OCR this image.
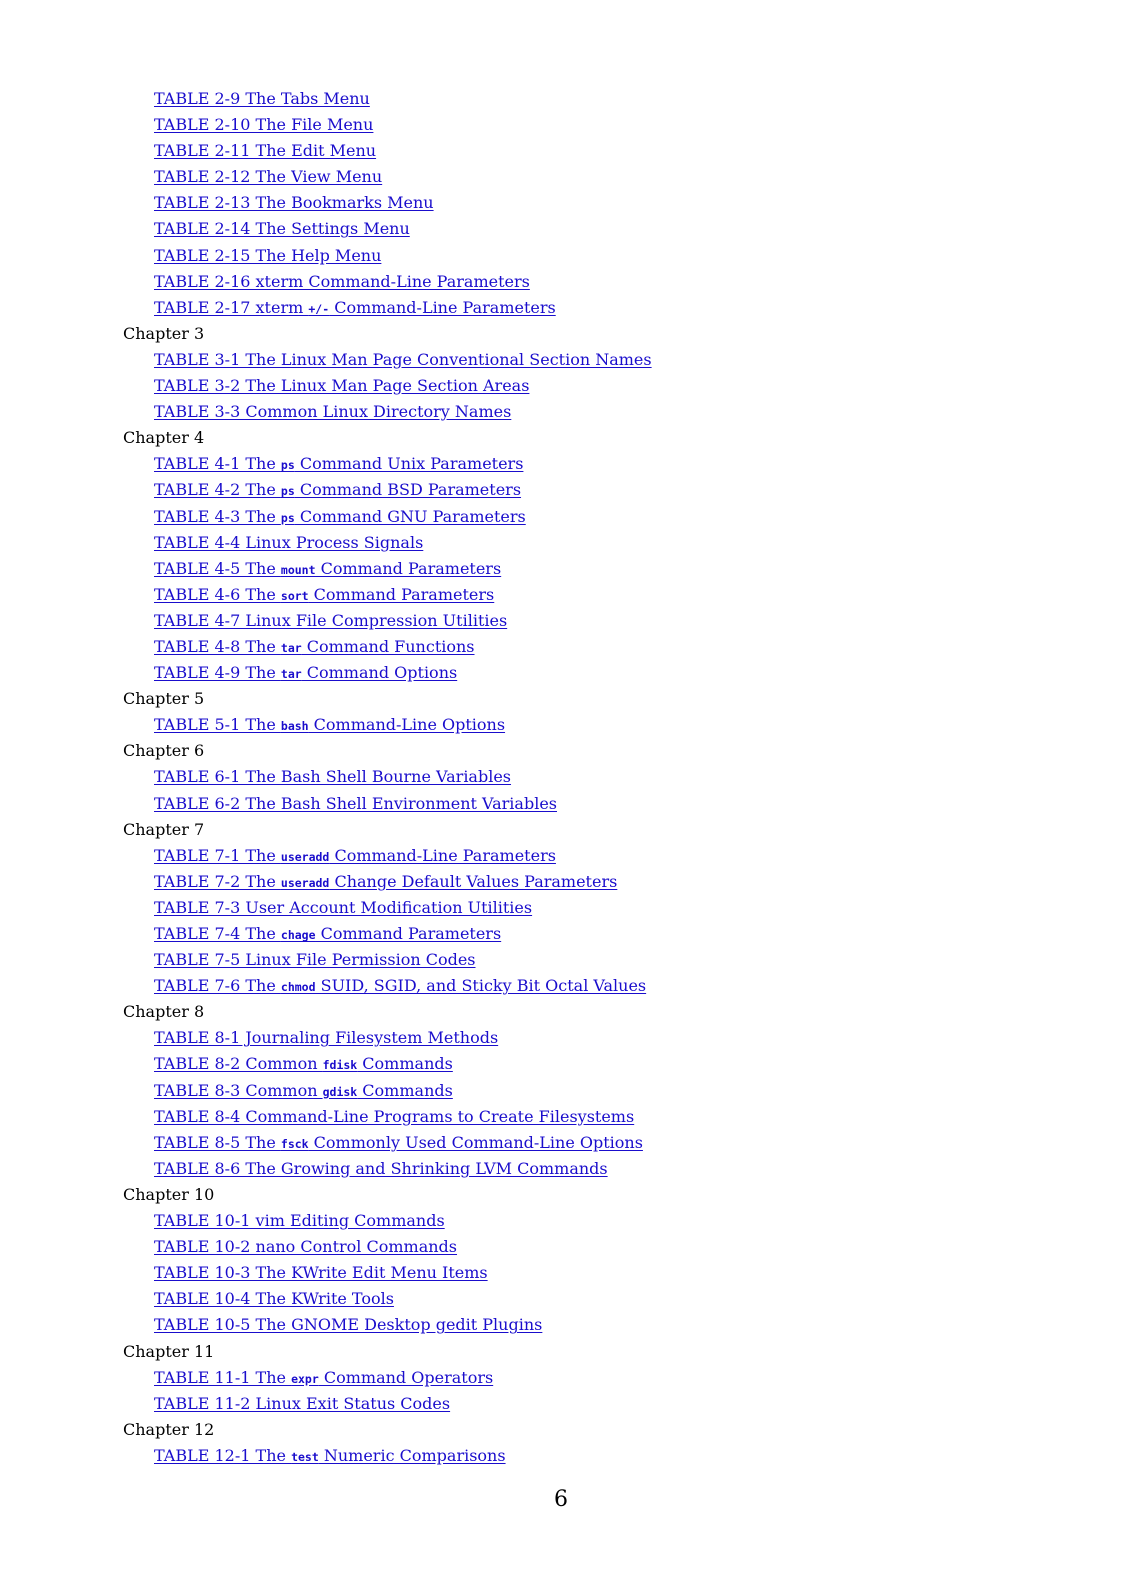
TABLE 2-9 The Tabs Menu
TABLE 2-10 The File Menu
TABLE 2-11 The Edit Menu
TABLE 2-12 The View Menu
TABLE 2-13 The Bookmarks Menu
TABLE 2-14 The Settings Menu
TABLE 2-15 The Help Menu
TABLE 2-16 xterm Command-Line Parameters
TABLE 2-17 xterm +/- Command-Line Parameters
Chapter 3
TABLE 3-1 The Linux Man Page Conventional Section Names
TABLE 3-2 The Linux Man Page Section Areas
TABLE 3-3 Common Linux Directory Names
Chapter 4
TABLE 4-1 The ps Command Unix Parameters
TABLE 4-2 The ps Command BSD Parameters
TABLE 4-3 The ps Command GNU Parameters
TABLE 4-4 Linux Process Signals
TABLE 4-5 The mount Command Parameters
TABLE 4-6 The sort Command Parameters
TABLE 4-7 Linux File Compression Utilities
TABLE 4-8 The tar Command Functions
TABLE 4-9 The tar Command Options
Chapter 5
TABLE 5-1 The bash Command-Line Options
Chapter 6
TABLE 6-1 The Bash Shell Bourne Variables
TABLE 6-2 The Bash Shell Environment Variables
Chapter 7
TABLE 7-1 The useradd Command-Line Parameters
TABLE 7-2 The useradd Change Default Values Parameters
TABLE 7-3 User Account Modification Utilities
TABLE 7-4 The chage Command Parameters
TABLE 7-5 Linux File Permission Codes
TABLE 7-6 The chmod SUID, SGID, and Sticky Bit Octal Values
Chapter 8
TABLE 8-1 Journaling Filesystem Methods
TABLE 8-2 Common fdisk Commands
TABLE 8-3 Common gdisk Commands
TABLE 8-4 Command-Line Programs to Create Filesystems
TABLE 8-5 The fsck Commonly Used Command-Line Options
TABLE 8-6 The Growing and Shrinking LVM Commands
Chapter 10
TABLE 10-1 vim Editing Commands
TABLE 10-2 nano Control Commands
TABLE 10-3 The KWrite Edit Menu Items
TABLE 10-4 The KWrite Tools
TABLE 10-5 The GNOME Desktop gedit Plugins
Chapter 11
TABLE 11-1 The expr Command Operators
TABLE 11-2 Linux Exit Status Codes
Chapter 12
TABLE 12-1 The test Numeric Comparisons
6
